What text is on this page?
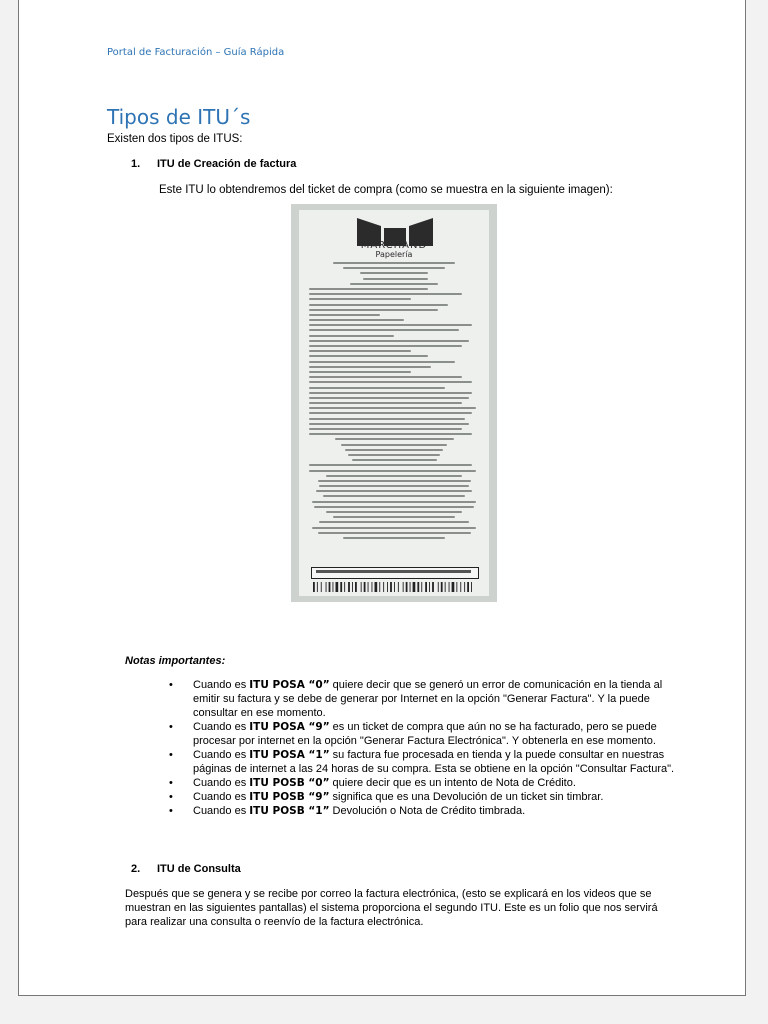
Portal de Facturación – Guía Rápida
Tipos de ITU´s

Existen dos tipos de ITUS:

1. ITU de Creación de factura

Este ITU lo obtendremos del ticket de compra (como se muestra en la siguiente imagen):

MARCHAND
Papelería

Notas importantes:

• Cuando es ITU POSA “0” quiere decir que se generó un error de comunicación en la tienda al emitir su factura y se debe de generar por Internet en la opción "Generar Factura". Y la puede consultar en ese momento.
• Cuando es ITU POSA “9” es un ticket de compra que aún no se ha facturado, pero se puede procesar por internet en la opción "Generar Factura Electrónica". Y obtenerla en ese momento.
• Cuando es ITU POSA “1” su factura fue procesada en tienda y la puede consultar en nuestras páginas de internet a las 24 horas de su compra. Esta se obtiene en la opción "Consultar Factura".
• Cuando es ITU POSB “0” quiere decir que es un intento de Nota de Crédito.
• Cuando es ITU POSB “9” significa que es una Devolución de un ticket sin timbrar.
• Cuando es ITU POSB “1” Devolución o Nota de Crédito timbrada.

2. ITU de Consulta

Después que se genera y se recibe por correo la factura electrónica, (esto se explicará en los videos que se muestran en las siguientes pantallas) el sistema proporciona el segundo ITU. Este es un folio que nos servirá para realizar una consulta o reenvío de la factura electrónica.
